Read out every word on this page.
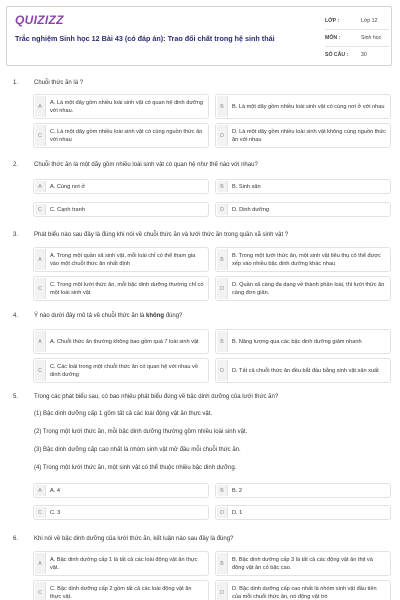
QUIZIZZ
Trắc nghiệm Sinh học 12 Bài 43 (có đáp án): Trao đổi chất trong hệ sinh thái
LỚP :	Lớp 12
MÔN :	Sinh học
SỐ CÂU : 30
1.	Chuỗi thức ăn là ?
A
A. Là một dãy gồm nhiều loài sinh vật có quan hệ dinh dưỡng với nhau.
B	B. Là một dãy gồm nhiều loài sinh vật có cùng nơi ở với nhau
C
C. Là một dãy gồm nhiều loài sinh vật có cùng nguồn thức ăn với nhau
D
D. Là một dãy gồm nhiều loài sinh vật không cùng nguồn thức ăn với nhau
2.	Chuỗi thức ăn là một dãy gồm nhiều loài sinh vật có quan hệ như thế nào với nhau?
A	A. Cùng nơi ở	B	B. Sinh sản
C	C. Cạnh tranh	D	D. Dinh dưỡng
3.	Phát biểu nào sau đây là đúng khi nói về chuỗi thức ăn và lưới thức ăn trong quần xã sinh vật ?
A
A. Trong một quần xã sinh vật, mỗi loài chỉ có thể tham gia vào một chuỗi thức ăn nhất định
B
B. Trong một lưới thức ăn, một sinh vật tiêu thụ có thể được xếp vào nhiều bậc dinh dưỡng khác nhau
C
C. Trong một lưới thức ăn, mỗi bậc dinh dưỡng thường chỉ có một loài sinh vật
D
D. Quần xã càng đa dạng về thành phần loài, thì lưới thức ăn càng đơn giản.
4.	Ý nào dưới đây mô tả về chuỗi thức ăn là không đúng?
A	A. Chuỗi thức ăn thường không bao gồm quá 7 loài sinh vật	B	B. Năng lượng qua các bậc dinh dưỡng giảm nhanh
C
C. Các loài trong một chuỗi thức ăn có quan hệ với nhau về dinh dưỡng
D	D. Tất cả chuỗi thức ăn đều bắt đầu bằng sinh vật sản xuất
5.	Trong các phát biểu sau, có bao nhiêu phát biểu đúng về bậc dinh dưỡng của lưới thức ăn?
(1) Bậc dinh dưỡng cấp 1 gồm tất cả các loài động vật ăn thực vật.
(2) Trong một lưới thức ăn, mỗi bậc dinh dưỡng thường gồm nhiều loài sinh vật.
(3) Bậc dinh dưỡng cấp cao nhất là nhóm sinh vật mở đầu mỗi chuỗi thức ăn.
(4) Trong một lưới thức ăn, một sinh vật có thể thuộc nhiều bậc dinh dưỡng.
A	A. 4	B	B. 2
C	C. 3	D	D. 1
6.	Khi nói về bậc dinh dưỡng của lưới thức ăn, kết luận nào sau đây là đúng?
A
A. Bậc dinh dưỡng cấp 1 là tất cả các loài động vật ăn thực vật.
B
B. Bậc dinh dưỡng cấp 3 là tất cả các động vật ăn thịt và động vật ăn cỏ bậc cao.
C
C. Bậc dinh dưỡng cấp 2 gồm tất cả các loài động vật ăn thực vật.
D
D. Bậc dinh dưỡng cấp cao nhất là nhóm sinh vật đầu tiên của mỗi chuỗi thức ăn, nó động vật trò
